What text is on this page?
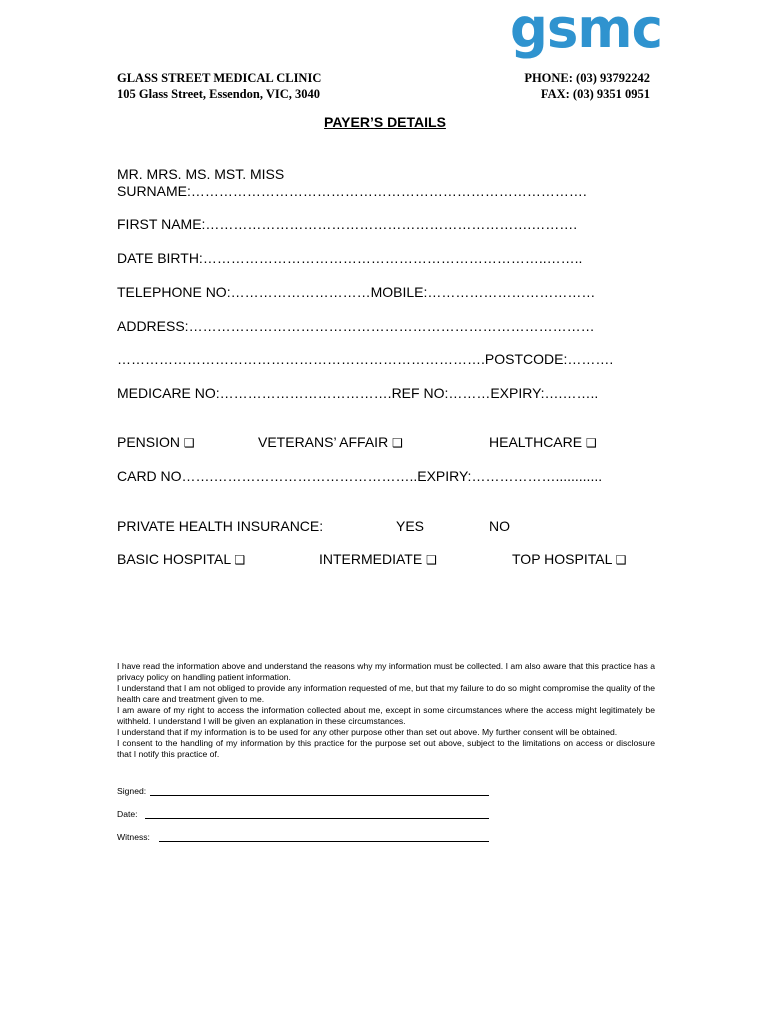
gsmc
GLASS STREET MEDICAL CLINIC
105 Glass Street, Essendon, VIC, 3040
PHONE: (03) 93792242
FAX: (03) 9351 0951
PAYER’S DETAILS
MR. MRS. MS. MST. MISS
SURNAME:………………………………………………………………………….
FIRST NAME:…………………………………………………………….……….
DATE BIRTH:………………………………………………………………..……..
TELEPHONE NO:…………………………MOBILE:………………………………
ADDRESS:……………………………………………………………………………
…………………………………………………………………….POSTCODE:……….
MEDICARE NO:……………………………….REF NO:………EXPIRY:….……..
PENSION ❑	VETERANS’ AFFAIR ❑	HEALTHCARE ❑
CARD NO…….……………………………………..EXPIRY:………………............
PRIVATE HEALTH INSURANCE:	YES	NO
BASIC HOSPITAL ❑	INTERMEDIATE ❑	TOP HOSPITAL ❑

I have read the information above and understand the reasons why my information must be collected. I am also aware that this practice has a privacy policy on handling patient information.

I understand that I am not obliged to provide any information requested of me, but that my failure to do so might compromise the quality of the health care and treatment given to me.

I am aware of my right to access the information collected about me, except in some circumstances where the access might legitimately be withheld. I understand I will be given an explanation in these circumstances.

I understand that if my information is to be used for any other purpose other than set out above. My further consent will be obtained.

I consent to the handling of my information by this practice for the purpose set out above, subject to the limitations on access or disclosure that I notify this practice of.

Signed:
Date:
Witness:
